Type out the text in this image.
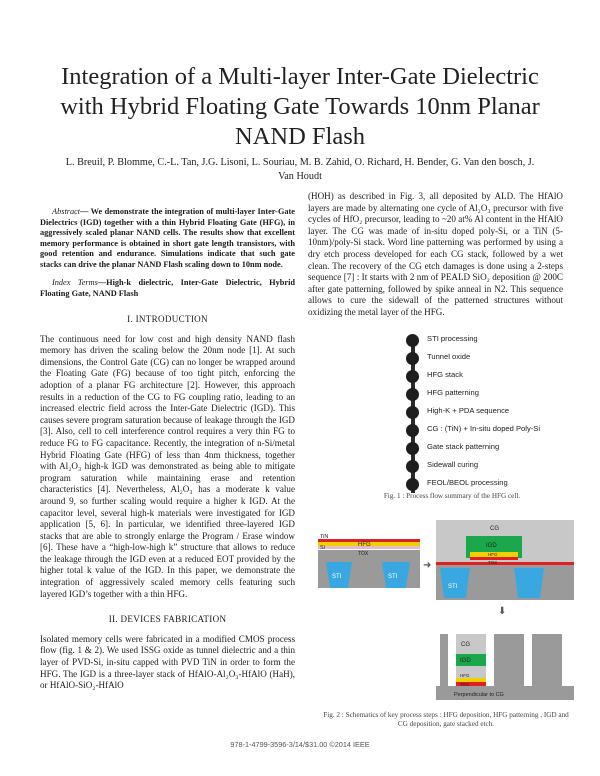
Integration of a Multi-layer Inter-Gate Dielectric with Hybrid Floating Gate Towards 10nm Planar NAND Flash
L. Breuil, P. Blomme, C.-L. Tan, J.G. Lisoni, L. Souriau, M. B. Zahid, O. Richard, H. Bender, G. Van den bosch, J. Van Houdt

Abstract— We demonstrate the integration of multi-layer Inter-Gate Dielectrics (IGD) together with a thin Hybrid Floating Gate (HFG), in aggressively scaled planar NAND cells. The results show that excellent memory performance is obtained in short gate length transistors, with good retention and endurance. Simulations indicate that such gate stacks can drive the planar NAND Flash scaling down to 10nm node.

Index Terms—High-k dielectric, Inter-Gate Dielectric, Hybrid Floating Gate, NAND Flash

I. INTRODUCTION

The continuous need for low cost and high density NAND flash memory has driven the scaling below the 20nm node [1]. At such dimensions, the Control Gate (CG) can no longer be wrapped around the Floating Gate (FG) because of too tight pitch, enforcing the adoption of a planar FG architecture [2]. However, this approach results in a reduction of the CG to FG coupling ratio, leading to an increased electric field across the Inter-Gate Dielectric (IGD). This causes severe program saturation because of leakage through the IGD [3]. Also, cell to cell interference control requires a very thin FG to reduce FG to FG capacitance. Recently, the integration of n-Si/metal Hybrid Floating Gate (HFG) of less than 4nm thickness, together with Al₂O₃ high-k IGD was demonstrated as being able to mitigate program saturation while maintaining erase and retention characteristics [4]. Nevertheless, Al₂O₃ has a moderate k value around 9, so further scaling would require a higher k IGD. At the capacitor level, several high-k materials were investigated for IGD application [5, 6]. In particular, we identified three-layered IGD stacks that are able to strongly enlarge the Program / Erase window [6]. These have a “high-low-high k” structure that allows to reduce the leakage through the IGD even at a reduced EOT provided by the higher total k value of the IGD. In this paper, we demonstrate the integration of aggressively scaled memory cells featuring such layered IGD’s together with a thin HFG.

II. DEVICES FABRICATION

Isolated memory cells were fabricated in a modified CMOS process flow (fig. 1 & 2). We used ISSG oxide as tunnel dielectric and a thin layer of PVD-Si, in-situ capped with PVD TiN in order to form the HFG. The IGD is a three-layer stack of HfAlO-Al₂O₃-HfAlO (HaH), or HfAlO-SiO₂-HfAlO

(HOH) as described in Fig. 3, all deposited by ALD. The HfAlO layers are made by alternating one cycle of Al₂O₃ precursor with five cycles of HfO₂ precursor, leading to ~20 at% Al content in the HfAlO layer. The CG was made of in-situ doped poly-Si, or a TiN (5-10nm)/poly-Si stack. Word line patterning was performed by using a dry etch process developed for each CG stack, followed by a wet clean. The recovery of the CG etch damages is done using a 2-steps sequence [7] : It starts with 2 nm of PEALD SiO₂ deposition @ 200C after gate patterning, followed by spike anneal in N2. This sequence allows to cure the sidewall of the patterned structures without oxidizing the metal layer of the HFG.

STI processing
Tunnel oxide
HFG stack
HFG patterning
High-K + PDA sequence
CG : (TiN) + In-situ doped Poly-Si
Gate stack patterning
Sidewall curing
FEOL/BEOL processing
Fig. 1 : Process flow summary of the HFG cell.
TiN
Si	HFG
TOX
STI	STI
➜
⬇
CG
IGD
HFG
TOX
STI
CG
IGD
HFG
TOX
Perpendicular to CG
Fig. 2 : Schematics of key process steps : HFG deposition, HFG patterning , IGD and CG deposition, gate stacked etch.
978-1-4799-3596-3/14/$31.00 ©2014 IEEE
